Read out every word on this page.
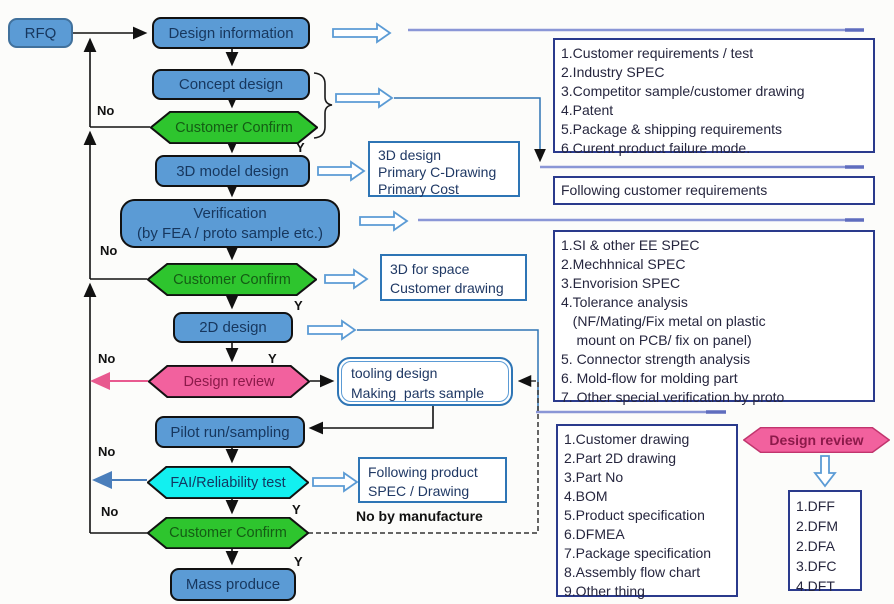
RFQ	Design information
Concept design
Customer Confirm
3D model design
Verification
(by FEA / proto sample etc.)
Customer Confirm
2D design
Design review
Pilot run/sampling
FAI/Reliability test
Customer Confirm
Mass produce
No
Y
No
Y
No	Y
No
Y
No
Y
No by manufacture
3D design
Primary C-Drawing
Primary Cost
3D for space
Customer drawing
tooling design
Making  parts sample
Following product
SPEC / Drawing
1.Customer requirements / test
2.Industry SPEC
3.Competitor sample/customer drawing
4.Patent
5.Package & shipping requirements
6.Curent product failure mode.
Following customer requirements
1.SI & other EE SPEC
2.Mechhnical SPEC
3.Envorision SPEC
4.Tolerance analysis
(NF/Mating/Fix metal on plastic
mount on PCB/ fix on panel)
5. Connector strength analysis
6. Mold-flow for molding part
7. Other special verification by proto
1.Customer drawing
2.Part 2D drawing
3.Part No
4.BOM
5.Product specification
6.DFMEA
7.Package specification
8.Assembly flow chart
9.Other thing
Design review
1.DFF
2.DFM
2.DFA
3.DFC
4.DFT
